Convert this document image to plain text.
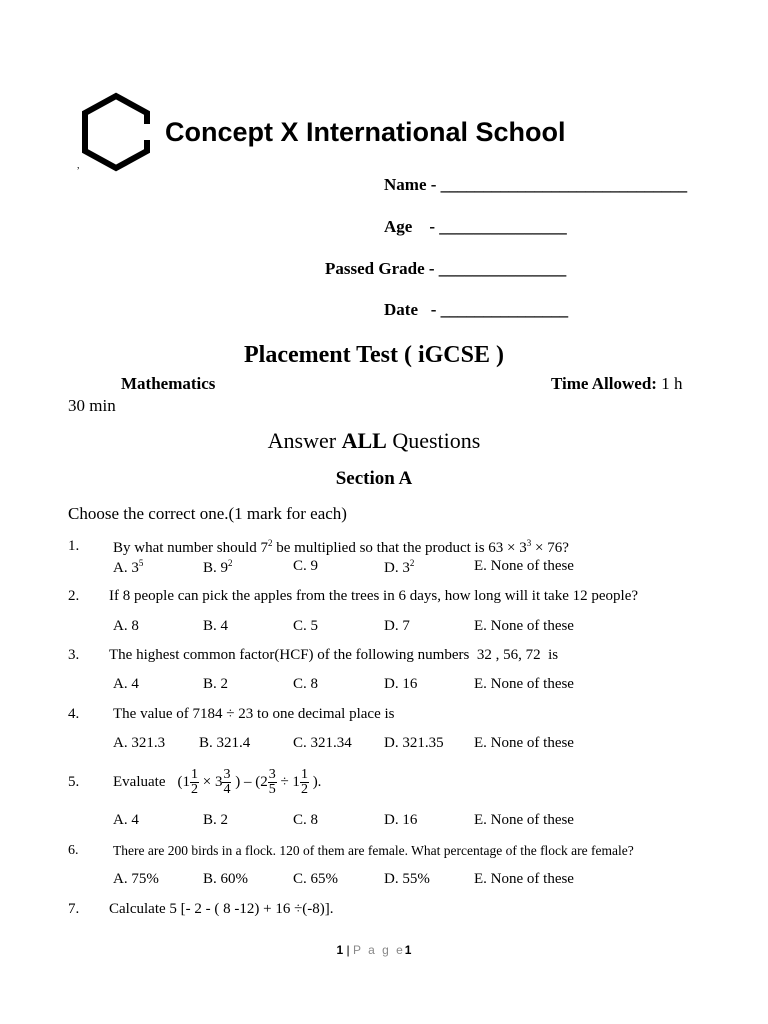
Concept X International School
,
Name - _____________________________
Age    - _______________
Passed Grade - _______________
Date   - _______________
Placement Test ( iGCSE )
Mathematics	Time Allowed: 1 h
30 min
Answer ALL Questions
Section A
Choose the correct one.(1 mark for each)
1. By what number should $7^2$ be multiplied so that the product is $63 \times 3^3 \times 76$?
A. $3^5$	B. $9^2$	C. 9	D. $3^2$	E. None of these
2. If 8 people can pick the apples from the trees in 6 days, how long will it take 12 people?
A. 8	B. 4	C. 5	D. 7	E. None of these
3. The highest common factor(HCF) of the following numbers  32 , 56, 72  is
A. 4	B. 2	C. 8	D. 16	E. None of these
4. The value of 7184 ÷ 23 to one decimal place is
A. 321.3 B. 321.4	C. 321.34 D. 321.35 E. None of these
5. Evaluate ($1 \frac{1}{2} \times 3 \frac{3}{4}$ ) – ($2 \frac{3}{5} \div 1 \frac{1}{2}$ ).
A. 4	B. 2	C. 8	D. 16	E. None of these
6.	There are 200 birds in a flock. 120 of them are female. What percentage of the flock are female?
A. 75%	B. 60%	C. 65%	D. 55%	E. None of these
7. Calculate 5 [- 2 - ( 8 -12) + 16 ÷(-8)].
1 | P a g e1
